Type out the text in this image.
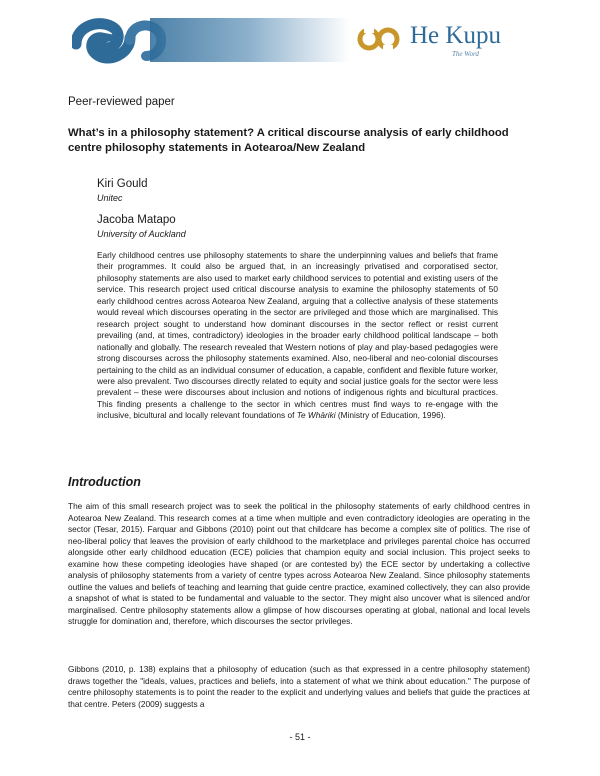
He Kupu
The Word
Peer-reviewed paper
What’s in a philosophy statement? A critical discourse analysis of early childhood centre philosophy statements in Aotearoa/New Zealand
Kiri Gould
Unitec
Jacoba Matapo
University of Auckland

Early childhood centres use philosophy statements to share the underpinning values and beliefs that frame their programmes. It could also be argued that, in an increasingly privatised and corporatised sector, philosophy statements are also used to market early childhood services to potential and existing users of the service. This research project used critical discourse analysis to examine the philosophy statements of 50 early childhood centres across Aotearoa New Zealand, arguing that a collective analysis of these statements would reveal which discourses operating in the sector are privileged and those which are marginalised. This research project sought to understand how dominant discourses in the sector reflect or resist current prevailing (and, at times, contradictory) ideologies in the broader early childhood political landscape – both nationally and globally. The research revealed that Western notions of play and play-based pedagogies were strong discourses across the philosophy statements examined. Also, neo-liberal and neo-colonial discourses pertaining to the child as an individual consumer of education, a capable, confident and flexible future worker, were also prevalent. Two discourses directly related to equity and social justice goals for the sector were less prevalent – these were discourses about inclusion and notions of indigenous rights and bicultural practices. This finding presents a challenge to the sector in which centres must find ways to re-engage with the inclusive, bicultural and locally relevant foundations of Te Whāriki (Ministry of Education, 1996).

Introduction

The aim of this small research project was to seek the political in the philosophy statements of early childhood centres in Aotearoa New Zealand. This research comes at a time when multiple and even contradictory ideologies are operating in the sector (Tesar, 2015). Farquar and Gibbons (2010) point out that childcare has become a complex site of politics. The rise of neo-liberal policy that leaves the provision of early childhood to the marketplace and privileges parental choice has occurred alongside other early childhood education (ECE) policies that champion equity and social inclusion. This project seeks to examine how these competing ideologies have shaped (or are contested by) the ECE sector by undertaking a collective analysis of philosophy statements from a variety of centre types across Aotearoa New Zealand. Since philosophy statements outline the values and beliefs of teaching and learning that guide centre practice, examined collectively, they can also provide a snapshot of what is stated to be fundamental and valuable to the sector. They might also uncover what is silenced and/or marginalised. Centre philosophy statements allow a glimpse of how discourses operating at global, national and local levels struggle for domination and, therefore, which discourses the sector privileges.

Gibbons (2010, p. 138) explains that a philosophy of education (such as that expressed in a centre philosophy statement) draws together the "ideals, values, practices and beliefs, into a statement of what we think about education." The purpose of centre philosophy statements is to point the reader to the explicit and underlying values and beliefs that guide the practices at that centre. Peters (2009) suggests a

- 51 -
